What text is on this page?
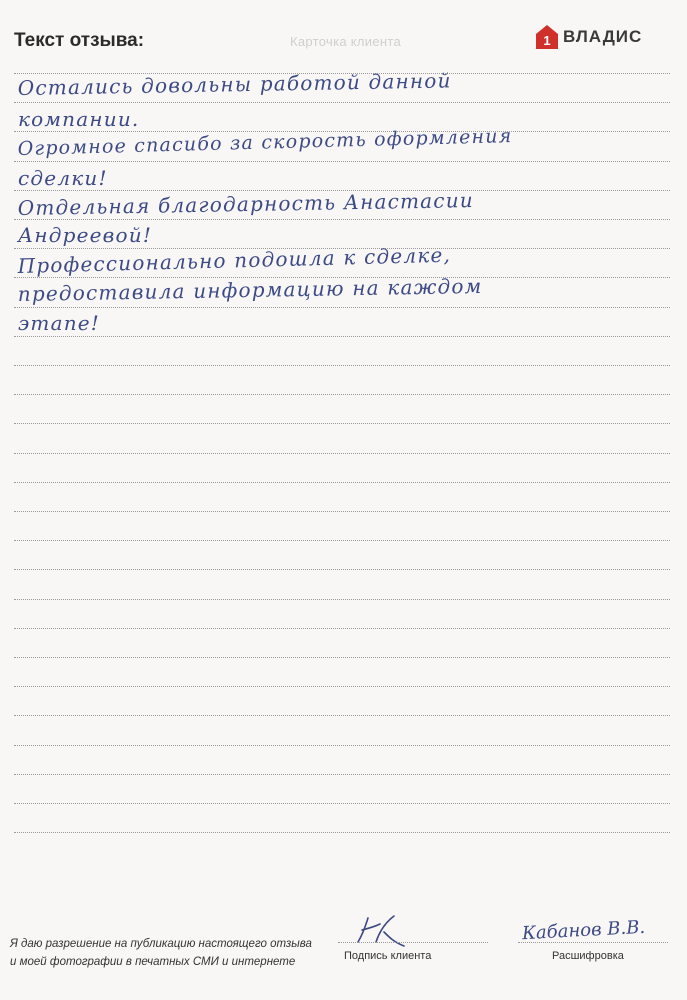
Карточка клиента
Текст отзыва:	1 ВЛАДИС
Остались довольны работой данной
компании.
Огромное спасибо за скорость оформления
сделки!
Отдельная благодарность Анастасии
Андреевой!
Профессионально подошла к сделке,
предоставила информацию на каждом
этапе!
Я даю разрешение на публикацию настоящего отзыва
и моей фотографии в печатных СМИ и интернете	Подпись клиента
Кабанов В.В.
Расшифровка
